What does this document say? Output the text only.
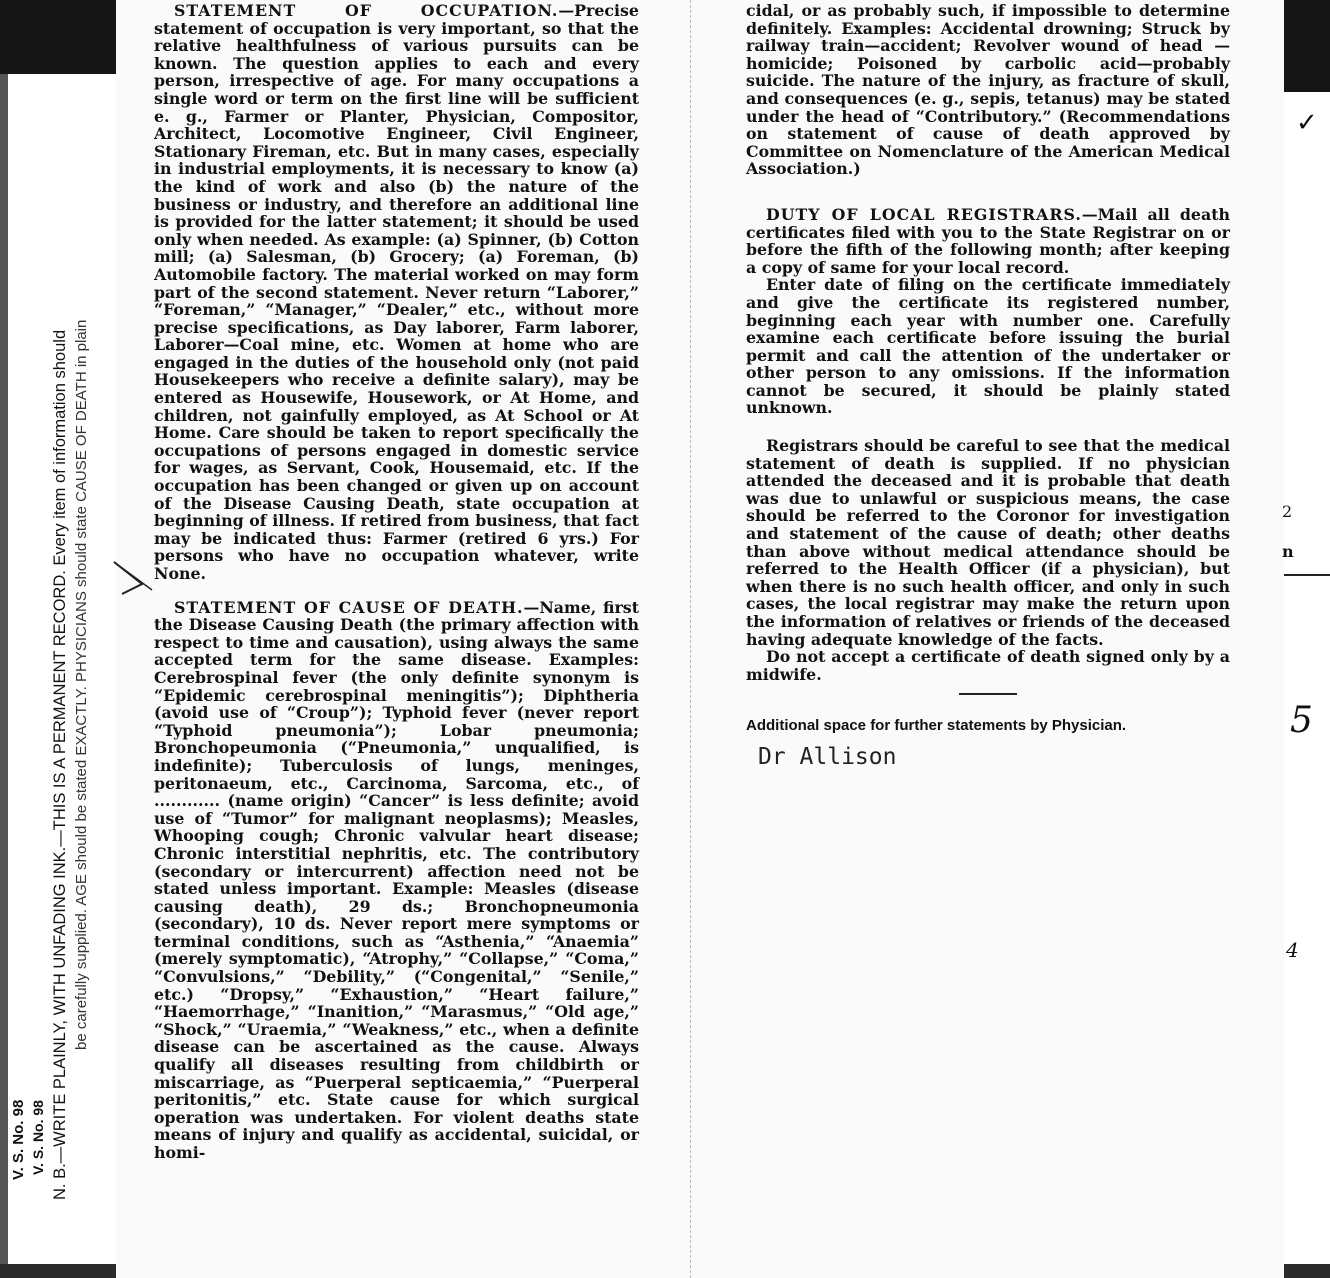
V. S. No. 98 V. S. No. 98 N. B.—WRITE PLAINLY, WITH UNFADING INK.—THIS IS A PERMANENT RECORD. Every item of information should be carefully supplied. AGE should be stated EXACTLY. PHYSICIANS should state CAUSE OF DEATH in plain

STATEMENT OF OCCUPATION.—Precise statement of occupation is very important, so that the relative healthfulness of various pursuits can be known. The question applies to each and every person, irrespective of age. For many occupations a single word or term on the first line will be sufficient e. g., Farmer or Planter, Physician, Compositor, Architect, Locomotive Engineer, Civil Engineer, Stationary Fireman, etc. But in many cases, especially in industrial employments, it is necessary to know (a) the kind of work and also (b) the nature of the business or industry, and therefore an additional line is provided for the latter statement; it should be used only when needed. As example: (a) Spinner, (b) Cotton mill; (a) Salesman, (b) Grocery; (a) Foreman, (b) Automobile factory. The material worked on may form part of the second statement. Never return “Laborer,” “Foreman,” “Manager,” “Dealer,” etc., without more precise specifications, as Day laborer, Farm laborer, Laborer—Coal mine, etc. Women at home who are engaged in the duties of the household only (not paid Housekeepers who receive a definite salary), may be entered as Housewife, Housework, or At Home, and children, not gainfully employed, as At School or At Home. Care should be taken to report specifically the occupations of persons engaged in domestic service for wages, as Servant, Cook, Housemaid, etc. If the occupation has been changed or given up on account of the Disease Causing Death, state occupation at beginning of illness. If retired from business, that fact may be indicated thus: Farmer (retired 6 yrs.) For persons who have no occupation whatever, write None.

STATEMENT OF CAUSE OF DEATH.—Name, first the Disease Causing Death (the primary affection with respect to time and causation), using always the same accepted term for the same disease. Examples: Cerebrospinal fever (the only definite synonym is “Epidemic cerebrospinal meningitis”); Diphtheria (avoid use of “Croup”); Typhoid fever (never report “Typhoid pneumonia”); Lobar pneumonia; Bronchopeumonia (“Pneumonia,” unqualified, is indefinite); Tuberculosis of lungs, meninges, peritonaeum, etc., Carcinoma, Sarcoma, etc., of ............ (name origin) “Cancer” is less definite; avoid use of “Tumor” for malignant neoplasms); Measles, Whooping cough; Chronic valvular heart disease; Chronic interstitial nephritis, etc. The contributory (secondary or intercurrent) affection need not be stated unless important. Example: Measles (disease causing death), 29 ds.; Bronchopneumonia (secondary), 10 ds. Never report mere symptoms or terminal conditions, such as “Asthenia,” “Anaemia” (merely symptomatic), “Atrophy,” “Collapse,” “Coma,” “Convulsions,” “Debility,” (“Congenital,” “Senile,” etc.) “Dropsy,” “Exhaustion,” “Heart failure,” “Haemorrhage,” “Inanition,” “Marasmus,” “Old age,” “Shock,” “Uraemia,” “Weakness,” etc., when a definite disease can be ascertained as the cause. Always qualify all diseases resulting from childbirth or miscarriage, as “Puerperal septicaemia,” “Puerperal peritonitis,” etc. State cause for which surgical operation was undertaken. For violent deaths state means of injury and qualify as accidental, suicidal, or homi-

cidal, or as probably such, if impossible to determine definitely. Examples: Accidental drowning; Struck by railway train—accident; Revolver wound of head —homicide; Poisoned by carbolic acid—probably suicide. The nature of the injury, as fracture of skull, and consequences (e. g., sepis, tetanus) may be stated under the head of “Contributory.” (Recommendations on statement of cause of death approved by Committee on Nomenclature of the American Medical Association.)

DUTY OF LOCAL REGISTRARS.—Mail all death certificates filed with you to the State Registrar on or before the fifth of the following month; after keeping a copy of same for your local record.

Enter date of filing on the certificate immediately and give the certificate its registered number, beginning each year with number one. Carefully examine each certificate before issuing the burial permit and call the attention of the undertaker or other person to any omissions. If the information cannot be secured, it should be plainly stated unknown.

Registrars should be careful to see that the medical statement of death is supplied. If no physician attended the deceased and it is probable that death was due to unlawful or suspicious means, the case should be referred to the Coronor for investigation and statement of the cause of death; other deaths than above without medical attendance should be referred to the Health Officer (if a physician), but when there is no such health officer, and only in such cases, the local registrar may make the return upon the information of relatives or friends of the deceased having adequate knowledge of the facts.

Do not accept a certificate of death signed only by a midwife.

Additional space for further statements by Physician.

Dr Allison
✓
2
n
5
4
